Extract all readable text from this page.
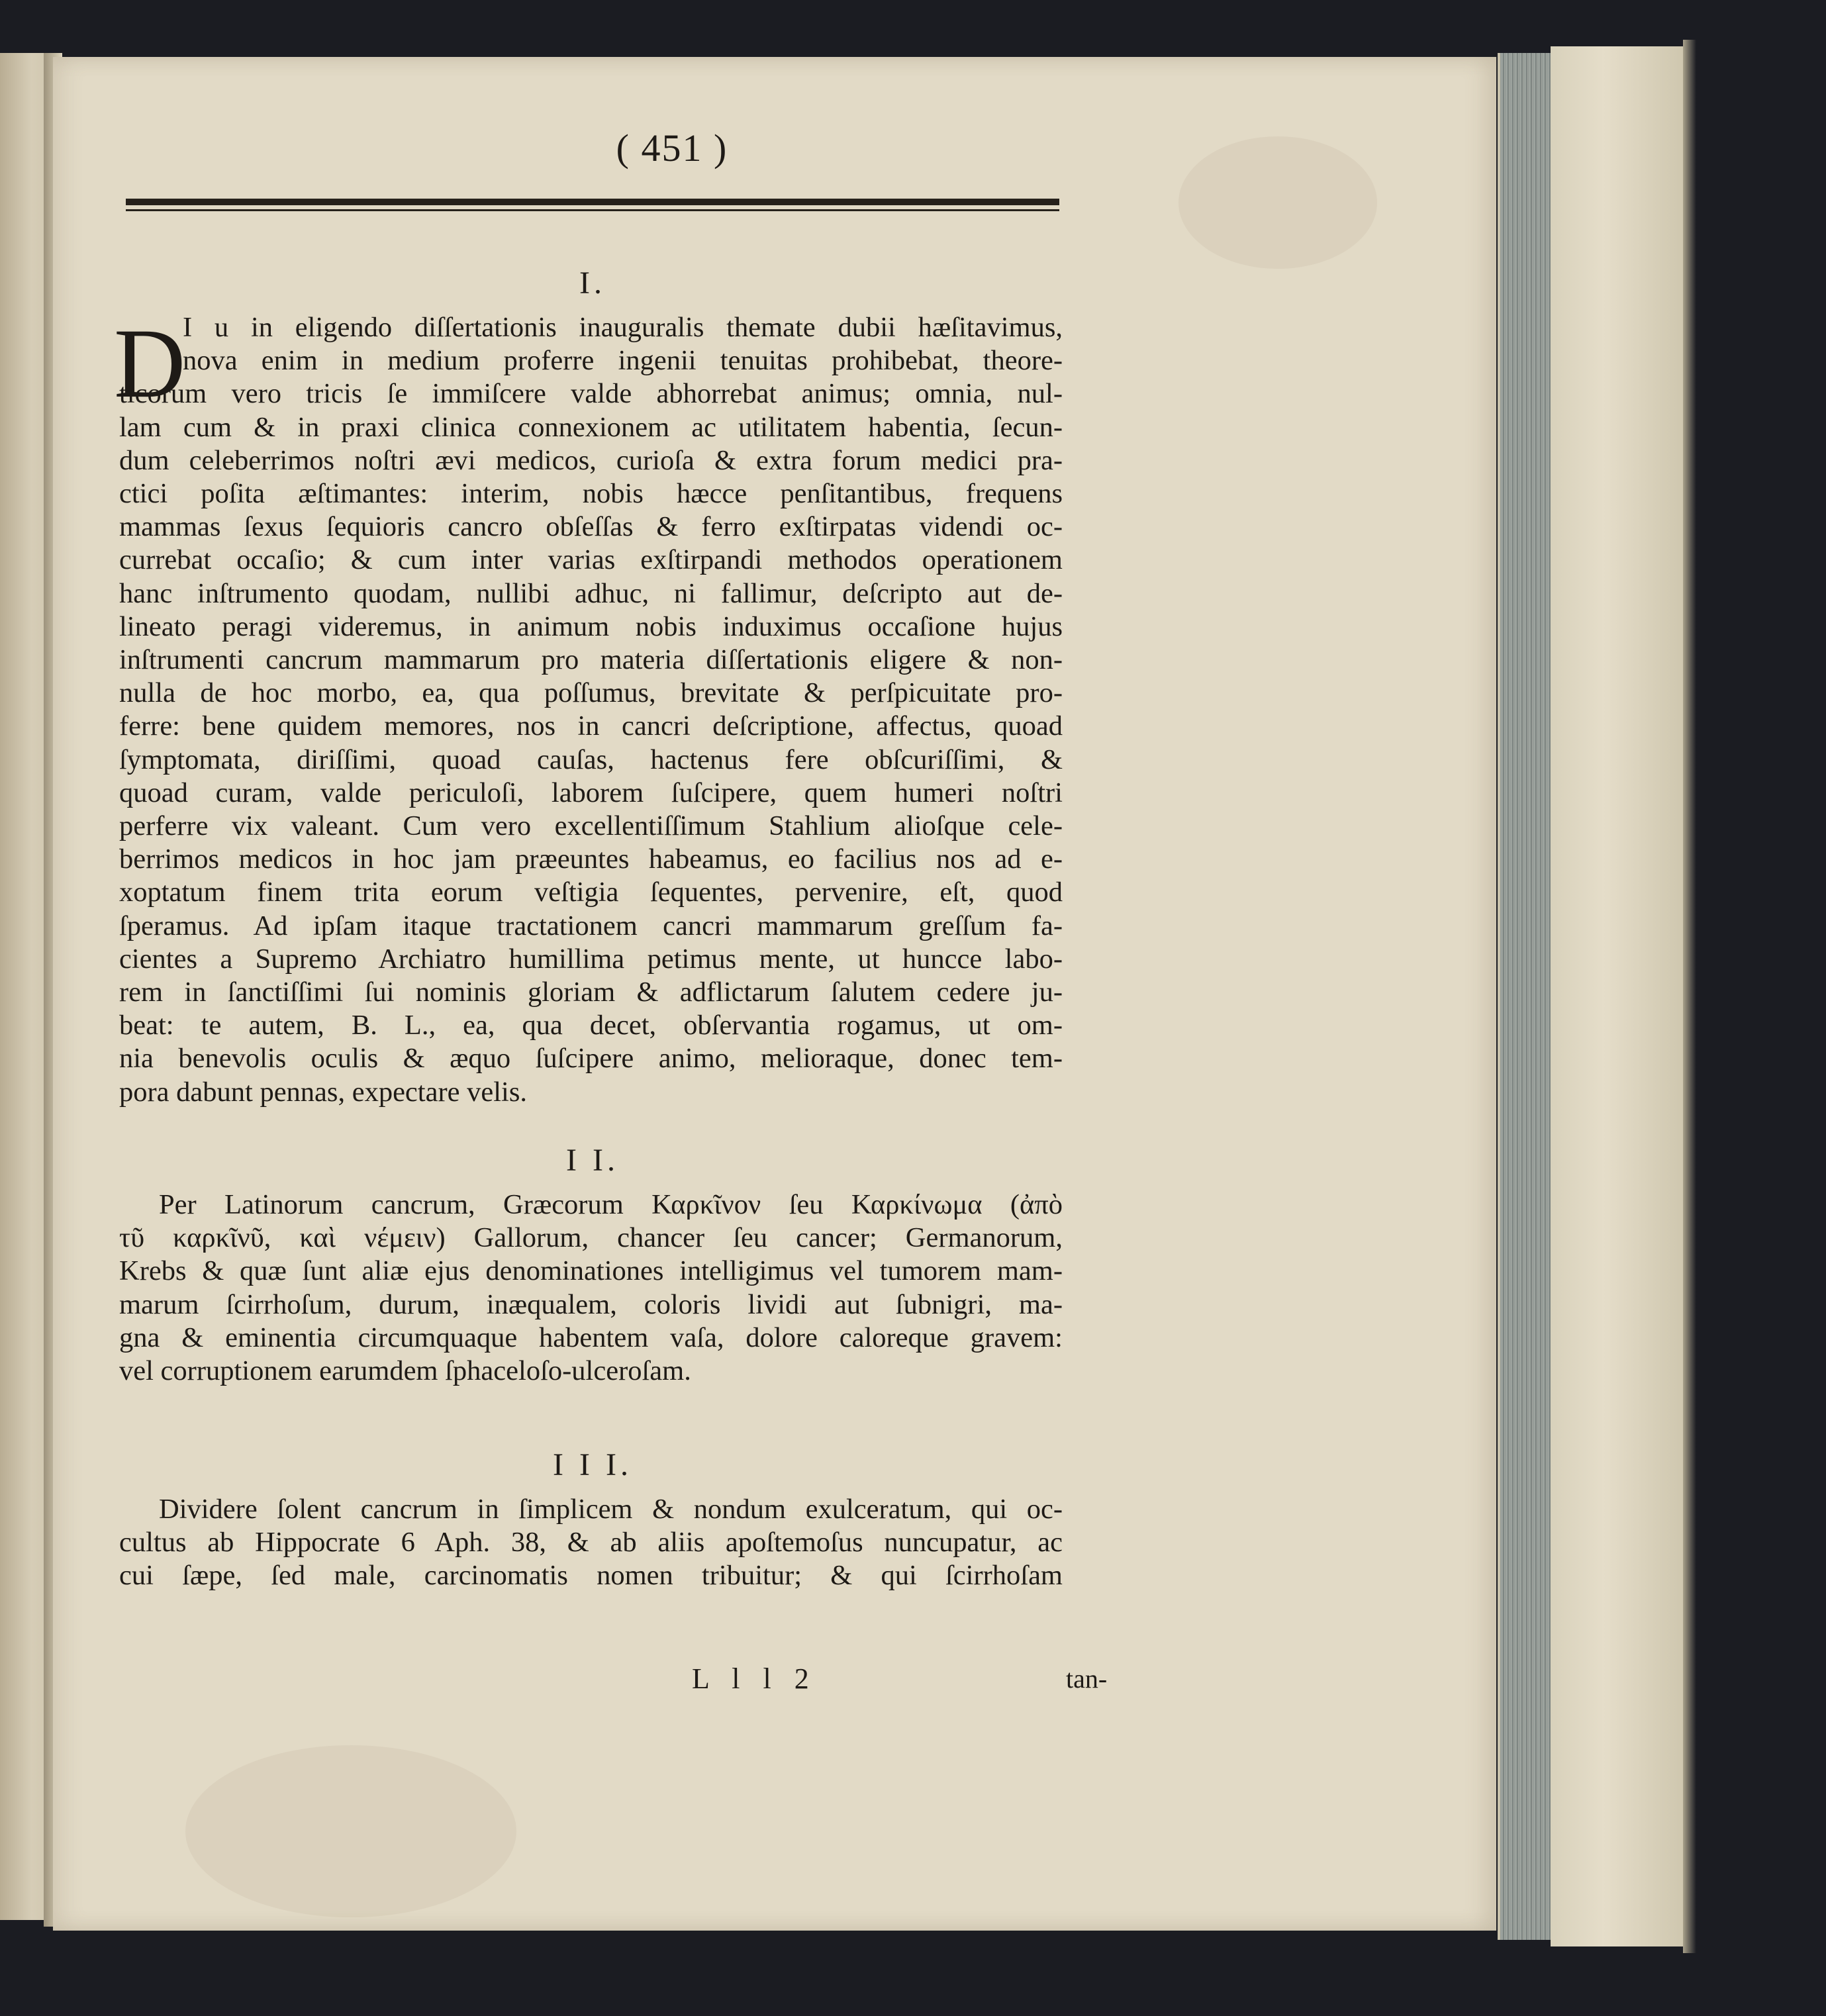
( 451 )
I.
D
I u in eligendo diſſertationis inauguralis themate dubii hæſitavimus,
nova enim in medium proferre ingenii tenuitas prohibebat, theore-
ticorum vero tricis ſe immiſcere valde abhorrebat animus; omnia, nul-
lam cum & in praxi clinica connexionem ac utilitatem habentia, ſecun-
dum celeberrimos noſtri ævi medicos, curioſa & extra forum medici pra-
ctici poſita æſtimantes: interim, nobis hæcce penſitantibus, frequens
mammas ſexus ſequioris cancro obſeſſas & ferro exſtirpatas videndi oc-
currebat occaſio; & cum inter varias exſtirpandi methodos operationem
hanc inſtrumento quodam, nullibi adhuc, ni fallimur, deſcripto aut de-
lineato peragi videremus, in animum nobis induximus occaſione hujus
inſtrumenti cancrum mammarum pro materia diſſertationis eligere & non-
nulla de hoc morbo, ea, qua poſſumus, brevitate & perſpicuitate pro-
ferre: bene quidem memores, nos in cancri deſcriptione, affectus, quoad
ſymptomata, diriſſimi, quoad cauſas, hactenus fere obſcuriſſimi, &
quoad curam, valde periculoſi, laborem ſuſcipere, quem humeri noſtri
perferre vix valeant. Cum vero excellentiſſimum Stahlium alioſque cele-
berrimos medicos in hoc jam præeuntes habeamus, eo facilius nos ad e-
xoptatum finem trita eorum veſtigia ſequentes, pervenire, eſt, quod
ſperamus. Ad ipſam itaque tractationem cancri mammarum greſſum fa-
cientes a Supremo Archiatro humillima petimus mente, ut huncce labo-
rem in ſanctiſſimi ſui nominis gloriam & adflictarum ſalutem cedere ju-
beat: te autem, B. L., ea, qua decet, obſervantia rogamus, ut om-
nia benevolis oculis & æquo ſuſcipere animo, melioraque, donec tem-
pora dabunt pennas, expectare velis.
I I.
Per Latinorum cancrum, Græcorum Καρκῖνον ſeu Καρκίνωμα (ἀπὸ
τῦ καρκῖνῦ, καὶ νέμειν) Gallorum, chancer ſeu cancer; Germanorum,
Krebs & quæ ſunt aliæ ejus denominationes intelligimus vel tumorem mam-
marum ſcirrhoſum, durum, inæqualem, coloris lividi aut ſubnigri, ma-
gna & eminentia circumquaque habentem vaſa, dolore caloreque gravem:
vel corruptionem earumdem ſphaceloſo-ulceroſam.
I I I.
Dividere ſolent cancrum in ſimplicem & nondum exulceratum, qui oc-
cultus ab Hippocrate 6 Aph. 38, & ab aliis apoſtemoſus nuncupatur, ac
cui ſæpe, ſed male, carcinomatis nomen tribuitur; & qui ſcirrhoſam
L l l 2	tan-
